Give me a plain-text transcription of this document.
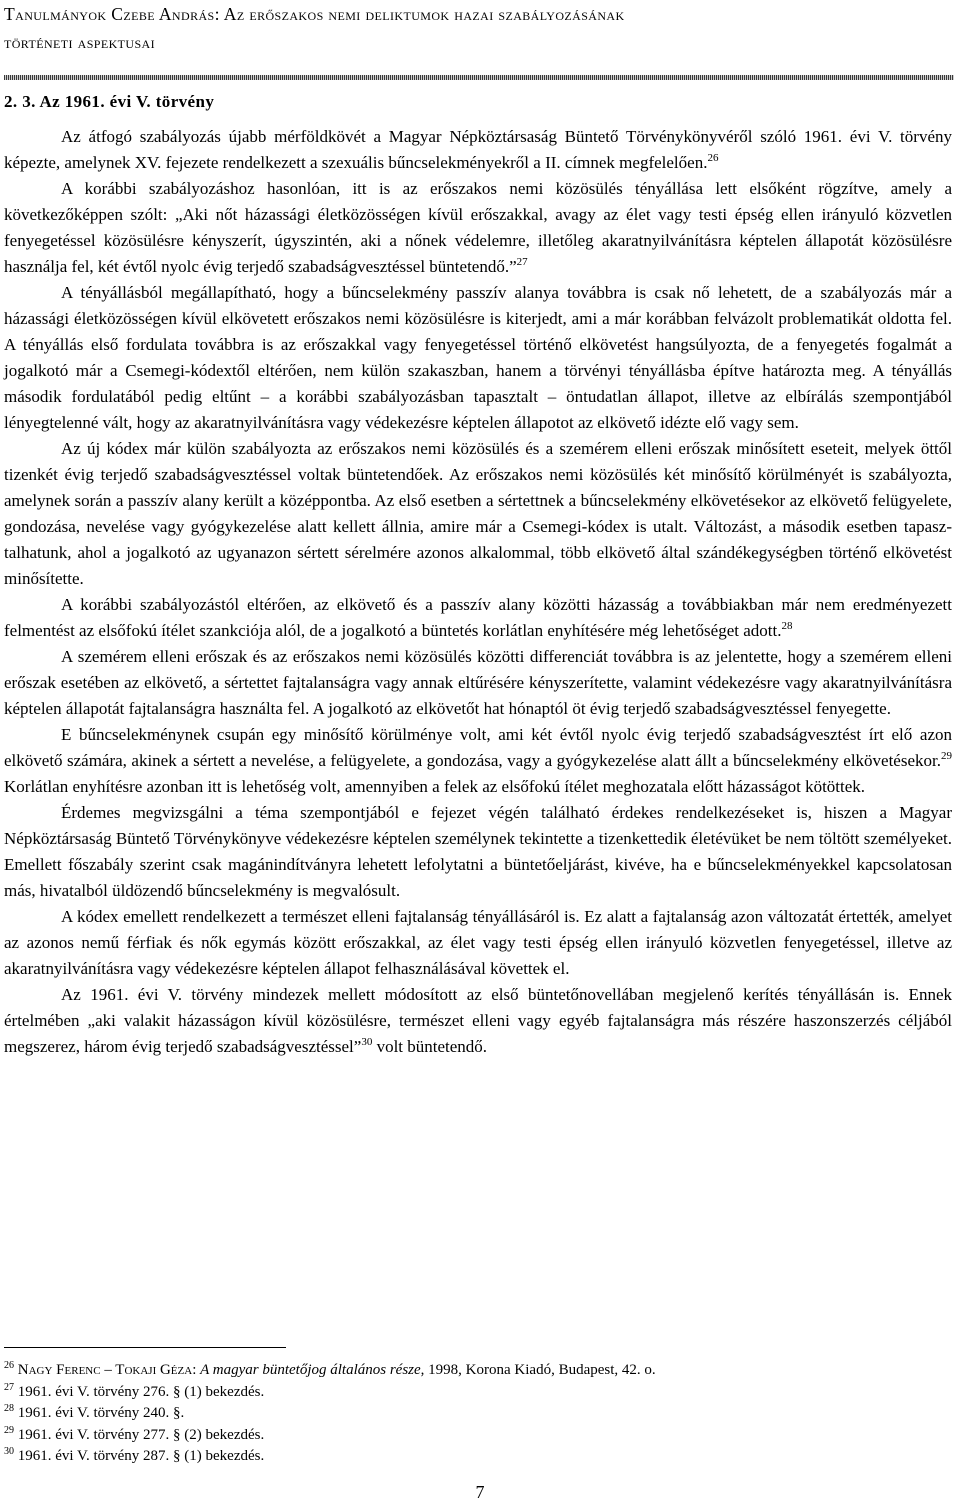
Tanulmányok Czebe András: Az erőszakos nemi deliktumok hazai szabályozásának
történeti aspektusai
2. 3. Az 1961. évi V. törvény

Az átfogó szabályozás újabb mérföldkövét a Magyar Népköztársaság Büntető Törvénykönyvéről szóló 1961. évi V. törvény képezte, amelynek XV. fejezete rendelkezett a szexuális bűncselekményekről a II. címnek megfelelően.$^{26}$

A korábbi szabályozáshoz hasonlóan, itt is az erőszakos nemi közösülés tényállása lett elsőként rögzítve, amely a következőképpen szólt: „Aki nőt házassági életközösségen kívül erőszakkal, avagy az élet vagy testi épség ellen irányuló közvetlen fenyegetéssel közösülésre kényszerít, úgyszintén, aki a nőnek védelemre, illetőleg akaratnyilvánításra képtelen állapotát közösülésre használja fel, két évtől nyolc évig terjedő szabadságvesztéssel büntetendő.”$^{27}$

A tényállásból megállapítható, hogy a bűncselekmény passzív alanya továbbra is csak nő lehetett, de a szabályozás már a házassági életközösségen kívül elkövetett erőszakos nemi közösülésre is kiterjedt, ami a már korábban felvázolt problematikát oldotta fel. A tényállás első fordulata továbbra is az erőszakkal vagy fenyegetéssel történő elkövetést hangsúlyozta, de a fenyegetés fogalmát a jogalkotó már a Csemegi-kódextől eltérően, nem külön szakaszban, hanem a törvényi tényállásba építve határozta meg. A tényállás második fordulatából pedig eltűnt – a korábbi szabályozásban tapasztalt – öntudatlan állapot, illetve az elbírálás szempontjából lényegtelenné vált, hogy az akaratnyilvánításra vagy védekezésre képtelen állapotot az elkövető idézte elő vagy sem.

Az új kódex már külön szabályozta az erőszakos nemi közösülés és a szemérem elleni erőszak minősített eseteit, melyek öttől tizenkét évig terjedő szabadságvesztéssel voltak büntetendőek. Az erőszakos nemi közösülés két minősítő körülményét is szabályozta, amelynek során a passzív alany került a középpontba. Az első esetben a sértettnek a bűncselekmény elkövetésekor az elkövető felügyelete, gondozása, nevelése vagy gyógykezelése alatt kellett állnia, amire már a Csemegi-kódex is utalt. Változást, a második esetben tapasztalhatunk, ahol a jogalkotó az ugyanazon sértett sérelmére azonos alkalommal, több elkövető által szándékegységben történő elkövetést minősítette.

A korábbi szabályozástól eltérően, az elkövető és a passzív alany közötti házasság a továbbiakban már nem eredményezett felmentést az elsőfokú ítélet szankciója alól, de a jogalkotó a büntetés korlátlan enyhítésére még lehetőséget adott.$^{28}$

A szemérem elleni erőszak és az erőszakos nemi közösülés közötti differenciát továbbra is az jelentette, hogy a szemérem elleni erőszak esetében az elkövető, a sértettet fajtalanságra vagy annak eltűrésére kényszerítette, valamint védekezésre vagy akaratnyilvánításra képtelen állapotát fajtalanságra használta fel. A jogalkotó az elkövetőt hat hónaptól öt évig terjedő szabadságvesztéssel fenyegette.

E bűncselekménynek csupán egy minősítő körülménye volt, ami két évtől nyolc évig terjedő szabadságvesztést írt elő azon elkövető számára, akinek a sértett a nevelése, a felügyelete, a gondozása, vagy a gyógykezelése alatt állt a bűncselekmény elkövetésekor.$^{29}$ Korlátlan enyhítésre azonban itt is lehetőség volt, amennyiben a felek az elsőfokú ítélet meghozatala előtt házasságot kötöttek.

Érdemes megvizsgálni a téma szempontjából e fejezet végén található érdekes rendelkezéseket is, hiszen a Magyar Népköztársaság Büntető Törvénykönyve védekezésre képtelen személynek tekintette a tizenkettedik életévüket be nem töltött személyeket. Emellett főszabály szerint csak magánindítványra lehetett lefolytatni a büntetőeljárást, kivéve, ha e bűncselekményekkel kapcsolatosan más, hivatalból üldözendő bűncselekmény is megvalósult.

A kódex emellett rendelkezett a természet elleni fajtalanság tényállásáról is. Ez alatt a fajtalanság azon változatát értették, amelyet az azonos nemű férfiak és nők egymás között erőszakkal, az élet vagy testi épség ellen irányuló közvetlen fenyegetéssel, illetve az akaratnyilvánításra vagy védekezésre képtelen állapot felhasználásával követtek el.

Az 1961. évi V. törvény mindezek mellett módosított az első büntetőnovellában megjelenő kerítés tényállásán is. Ennek értelmében „aki valakit házasságon kívül közösülésre, természet elleni vagy egyéb fajtalanságra más részére haszonszerzés céljából megszerez, három évig terjedő szabadságvesztéssel”$^{30}$ volt büntetendő.

$^{26}$ Nagy Ferenc – Tokaji Géza: A magyar büntetőjog általános része, 1998, Korona Kiadó, Budapest, 42. o.
$^{27}$ 1961. évi V. törvény 276. § (1) bekezdés.
$^{28}$ 1961. évi V. törvény 240. §.
$^{29}$ 1961. évi V. törvény 277. § (2) bekezdés.
$^{30}$ 1961. évi V. törvény 287. § (1) bekezdés.
7
